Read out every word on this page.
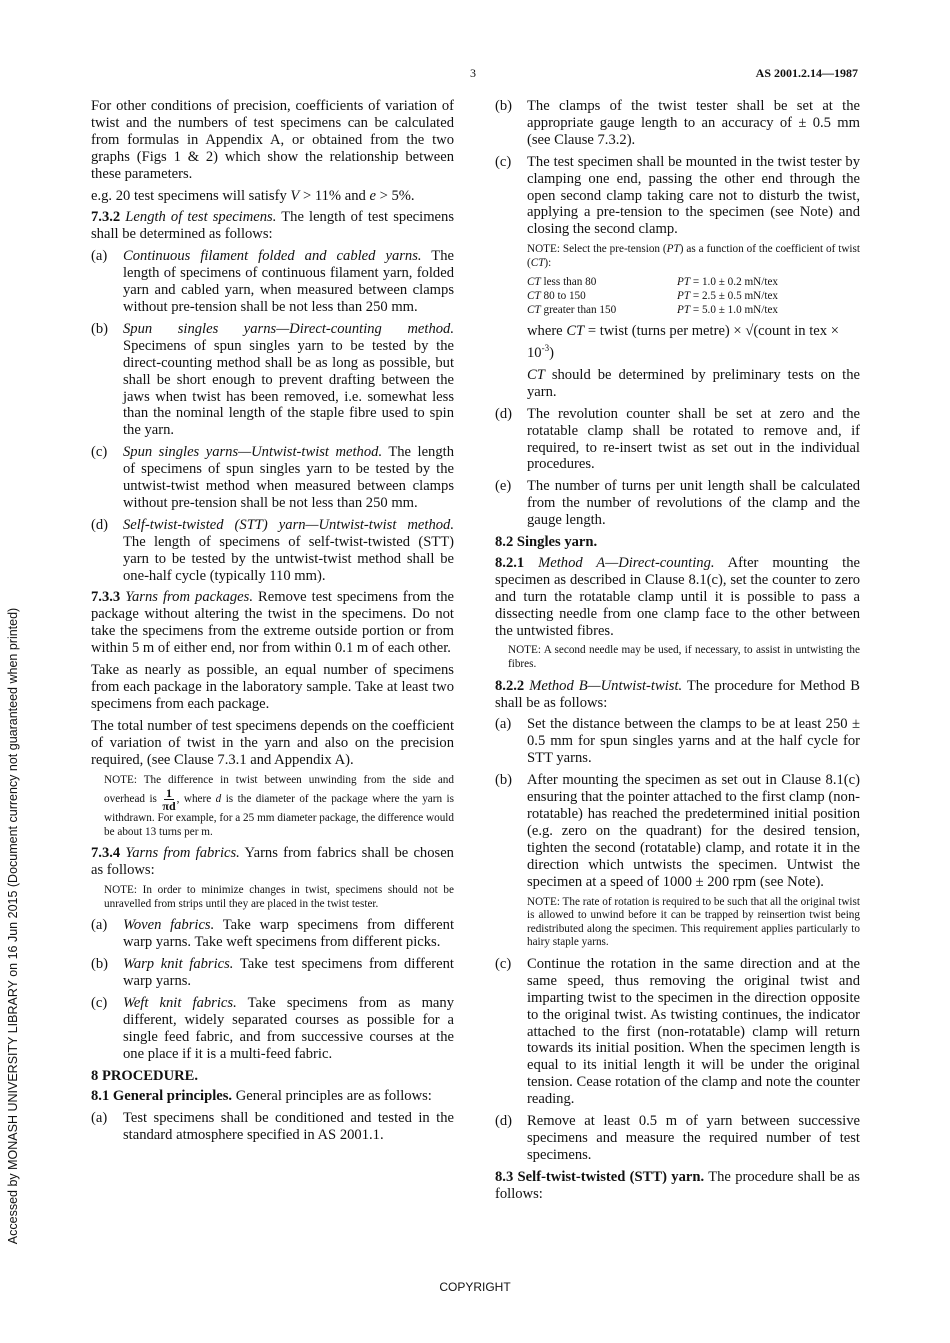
3	AS 2001.2.14—1987
Accessed by MONASH UNIVERSITY LIBRARY on 16 Jun 2015 (Document currency not guaranteed when printed)

For other conditions of precision, coefficients of variation of twist and the numbers of test specimens can be calculated from formulas in Appendix A, or obtained from the two graphs (Figs 1 & 2) which show the relationship between these parameters.

e.g. 20 test specimens will satisfy V > 11% and e > 5%.

7.3.2 Length of test specimens. The length of test specimens shall be determined as follows:

(a)	Continuous filament folded and cabled yarns. The length of specimens of continuous filament yarn, folded yarn and cabled yarn, when measured between clamps without pre-tension shall be not less than 250 mm.
(b)	Spun singles yarns—Direct-counting method. Specimens of spun singles yarn to be tested by the direct-counting method shall be as long as possible, but shall be short enough to prevent drafting between the jaws when twist has been removed, i.e. somewhat less than the nominal length of the staple fibre used to spin the yarn.
(c)	Spun singles yarns—Untwist-twist method. The length of specimens of spun singles yarn to be tested by the untwist-twist method when measured between clamps without pre-tension shall be not less than 250 mm.
(d)	Self-twist-twisted (STT) yarn—Untwist-twist method. The length of specimens of self-twist-twisted (STT) yarn to be tested by the untwist-twist method shall be one-half cycle (typically 110 mm).

7.3.3 Yarns from packages. Remove test specimens from the package without altering the twist in the specimens. Do not take the specimens from the extreme outside portion or from within 5 m of either end, nor from within 0.1 m of each other.

Take as nearly as possible, an equal number of specimens from each package in the laboratory sample. Take at least two specimens from each package.

The total number of test specimens depends on the coefficient of variation of twist in the yarn and also on the precision required, (see Clause 7.3.1 and Appendix A).

NOTE: The difference in twist between unwinding from the side and overhead is $\frac{1}{\pi d}$ , where d is the diameter of the package where the yarn is withdrawn. For example, for a 25 mm diameter package, the difference would be about 13 turns per m.

7.3.4 Yarns from fabrics. Yarns from fabrics shall be chosen as follows:

NOTE: In order to minimize changes in twist, specimens should not be unravelled from strips until they are placed in the twist tester.
(a)	Woven fabrics. Take warp specimens from different warp yarns. Take weft specimens from different picks.
(b)	Warp knit fabrics. Take test specimens from different warp yarns.
(c)	Weft knit fabrics. Take specimens from as many different, widely separated courses as possible for a single feed fabric, and from successive courses at the one place if it is a multi-feed fabric.
8 PROCEDURE.

8.1 General principles. General principles are as follows:

(a)	Test specimens shall be conditioned and tested in the standard atmosphere specified in AS 2001.1.
(b)	The clamps of the twist tester shall be set at the appropriate gauge length to an accuracy of ± 0.5 mm (see Clause 7.3.2).
(c)	The test specimen shall be mounted in the twist tester by clamping one end, passing the other end through the open second clamp taking care not to disturb the twist, applying a pre-tension to the specimen (see Note) and closing the second clamp.
NOTE: Select the pre-tension (PT) as a function of the coefficient of twist (CT):
CT less than 80	PT = 1.0 ± 0.2 mN/tex
CT 80 to 150	PT = 2.5 ± 0.5 mN/tex
CT greater than 150	PT = 5.0 ± 1.0 mN/tex

where CT = twist (turns per metre) × √(count in tex × $10^{-3}$)

CT should be determined by preliminary tests on the yarn.

(d)	The revolution counter shall be set at zero and the rotatable clamp shall be rotated to remove and, if required, to re-insert twist as set out in the individual procedures.
(e)	The number of turns per unit length shall be calculated from the number of revolutions of the clamp and the gauge length.
8.2 Singles yarn.

8.2.1 Method A—Direct-counting. After mounting the specimen as described in Clause 8.1(c), set the counter to zero and turn the rotatable clamp until it is possible to pass a dissecting needle from one clamp face to the other between the untwisted fibres.

NOTE: A second needle may be used, if necessary, to assist in untwisting the fibres.

8.2.2 Method B—Untwist-twist. The procedure for Method B shall be as follows:

(a)	Set the distance between the clamps to be at least 250 ± 0.5 mm for spun singles yarns and at the half cycle for STT yarns.
(b)	After mounting the specimen as set out in Clause 8.1(c) ensuring that the pointer attached to the first clamp (non-rotatable) has reached the predetermined initial position (e.g. zero on the quadrant) for the desired tension, tighten the second (rotatable) clamp, and rotate it in the direction which untwists the specimen. Untwist the specimen at a speed of 1000 ± 200 rpm (see Note).
NOTE: The rate of rotation is required to be such that all the original twist is allowed to unwind before it can be trapped by reinsertion twist being redistributed along the specimen. This requirement applies particularly to hairy staple yarns.
(c)	Continue the rotation in the same direction and at the same speed, thus removing the original twist and imparting twist to the specimen in the direction opposite to the original twist. As twisting continues, the indicator attached to the first (non-rotatable) clamp will return towards its initial position. When the specimen length is equal to its initial length it will be under the original tension. Cease rotation of the clamp and note the counter reading.
(d)	Remove at least 0.5 m of yarn between successive specimens and measure the required number of test specimens.

8.3 Self-twist-twisted (STT) yarn. The procedure shall be as follows:

COPYRIGHT
